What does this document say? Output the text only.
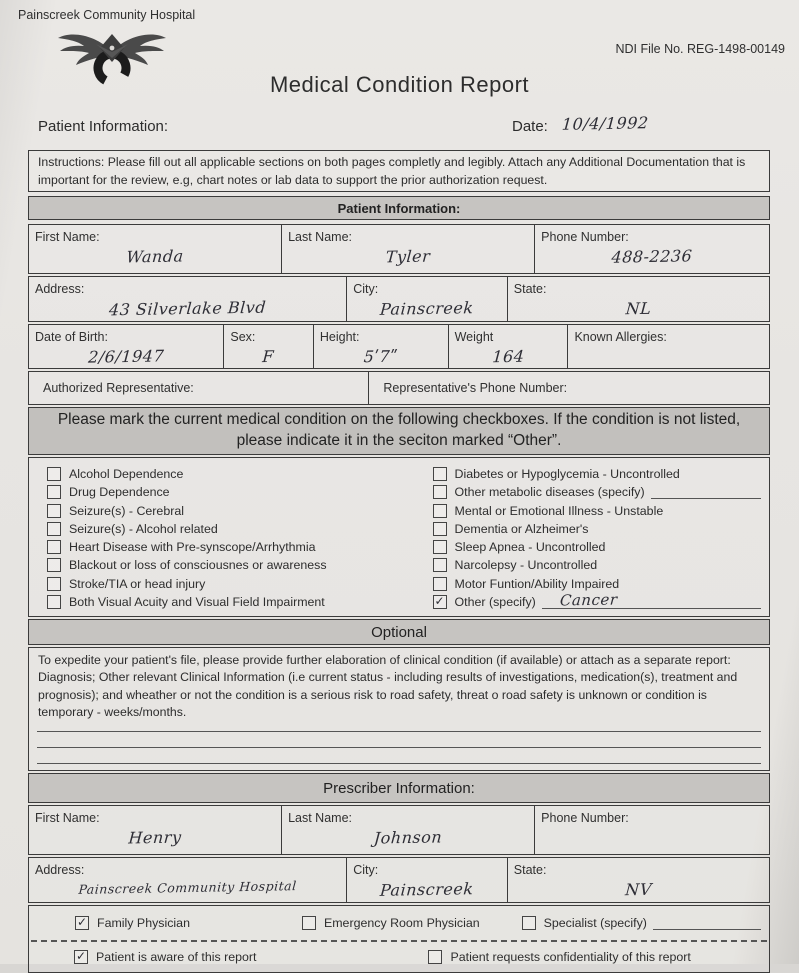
Painscreek Community Hospital
NDI File No. REG-1498-00149
Medical Condition Report
Patient Information:	Date: 10/4/1992
Instructions: Please fill out all applicable sections on both pages completly and legibly. Attach any Additional Documentation that is important for the review, e.g, chart notes or lab data to support the prior authorization request.
Patient Information:
First Name:
Wanda
Last Name:
Tyler
Phone Number:
488-2236
Address:
43 Silverlake Blvd
City:
Painscreek
State:
NL
Date of Birth:
2/6/1947
Sex:
F
Height:
5ʹ7ʺ
Weight
164
Known Allergies:
Authorized Representative:	Representative's Phone Number:
Please mark the current medical condition on the following checkboxes. If the condition is not listed, please indicate it in the seciton marked “Other”.
Alcohol Dependence
Drug Dependence
Seizure(s) - Cerebral
Seizure(s) - Alcohol related
Heart Disease with Pre-synscope/Arrhythmia
Blackout or loss of consciousnes or awareness
Stroke/TIA or head injury
Both Visual Acuity and Visual Field Impairment
Diabetes or Hypoglycemia - Uncontrolled
Other metabolic diseases (specify)
Mental or Emotional Illness - Unstable
Dementia or Alzheimer's
Sleep Apnea - Uncontrolled
Narcolepsy - Uncontrolled
Motor Funtion/Ability Impaired
✓ Other (specify) Cancer
Optional
To expedite your patient's file, please provide further elaboration of clinical condition (if available) or attach as a separate report: Diagnosis; Other relevant Clinical Information (i.e current status - including results of investigations, medication(s), treatment and prognosis); and wheather or not the condition is a serious risk to road safety, threat o road safety is unknown or condition is temporary - weeks/months.
Prescriber Information:
First Name:
Henry
Last Name:
Johnson
Phone Number:
Address:
Painscreek Community Hospital
City:
Painscreek
State:
NV
✓ Family Physician	Emergency Room Physician	Specialist (specify)
✓ Patient is aware of this report	Patient requests confidentiality of this report
